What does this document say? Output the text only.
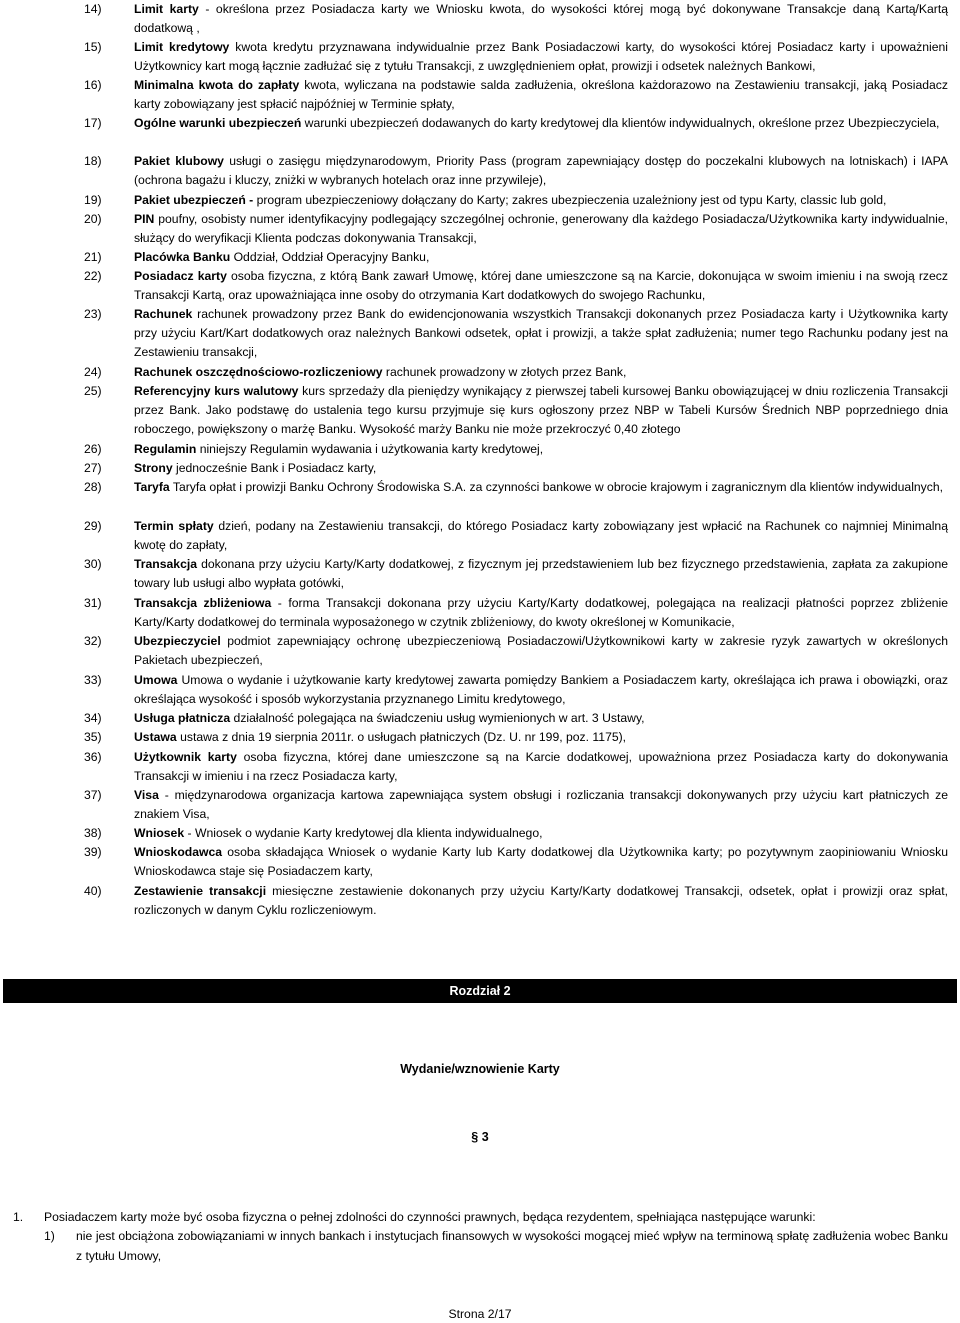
14)	Limit karty - określona przez Posiadacza karty we Wniosku kwota, do wysokości której mogą być dokonywane Transakcje daną Kartą/Kartą dodatkową ,
15)	Limit kredytowy kwota kredytu przyznawana indywidualnie przez Bank Posiadaczowi karty, do wysokości której Posiadacz karty i upoważnieni Użytkownicy kart mogą łącznie zadłużać się z tytułu Transakcji, z uwzględnieniem opłat, prowizji i odsetek należnych Bankowi,
16)	Minimalna kwota do zapłaty kwota, wyliczana na podstawie salda zadłużenia, określona każdorazowo na Zestawieniu transakcji, jaką Posiadacz karty zobowiązany jest spłacić najpóźniej w Terminie spłaty,
17)	Ogólne warunki ubezpieczeń warunki ubezpieczeń dodawanych do karty kredytowej dla klientów indywidualnych, określone przez Ubezpieczyciela,
18)	Pakiet klubowy usługi o zasięgu międzynarodowym, Priority Pass (program zapewniający dostęp do poczekalni klubowych na lotniskach) i IAPA (ochrona bagażu i kluczy, zniżki w wybranych hotelach oraz inne przywileje),
19)	Pakiet ubezpieczeń - program ubezpieczeniowy dołączany do Karty; zakres ubezpieczenia uzależniony jest od typu Karty, classic lub gold,
20)	PIN poufny, osobisty numer identyfikacyjny podlegający szczególnej ochronie, generowany dla każdego Posiadacza/Użytkownika karty indywidualnie, służący do weryfikacji Klienta podczas dokonywania Transakcji,
21)	Placówka Banku Oddział, Oddział Operacyjny Banku,
22)	Posiadacz karty osoba fizyczna, z którą Bank zawarł Umowę, której dane umieszczone są na Karcie, dokonująca w swoim imieniu i na swoją rzecz Transakcji Kartą, oraz upoważniająca inne osoby do otrzymania Kart dodatkowych do swojego Rachunku,
23)	Rachunek rachunek prowadzony przez Bank do ewidencjonowania wszystkich Transakcji dokonanych przez Posiadacza karty i Użytkownika karty przy użyciu Kart/Kart dodatkowych oraz należnych Bankowi odsetek, opłat i prowizji, a także spłat zadłużenia; numer tego Rachunku podany jest na Zestawieniu transakcji,
24)	Rachunek oszczędnościowo-rozliczeniowy rachunek prowadzony w złotych przez Bank,
25)	Referencyjny kurs walutowy kurs sprzedaży dla pieniędzy wynikający z pierwszej tabeli kursowej Banku obowiązującej w dniu rozliczenia Transakcji przez Bank. Jako podstawę do ustalenia tego kursu przyjmuje się kurs ogłoszony przez NBP w Tabeli Kursów Średnich NBP poprzedniego dnia roboczego, powiększony o marżę Banku. Wysokość marży Banku nie może przekroczyć 0,40 złotego
26)	Regulamin niniejszy Regulamin wydawania i użytkowania karty kredytowej,
27)	Strony jednocześnie Bank i Posiadacz karty,
28)	Taryfa Taryfa opłat i prowizji Banku Ochrony Środowiska S.A. za czynności bankowe w obrocie krajowym i zagranicznym dla klientów indywidualnych,
29)	Termin spłaty dzień, podany na Zestawieniu transakcji, do którego Posiadacz karty zobowiązany jest wpłacić na Rachunek co najmniej Minimalną kwotę do zapłaty,
30)	Transakcja dokonana przy użyciu Karty/Karty dodatkowej, z fizycznym jej przedstawieniem lub bez fizycznego przedstawienia, zapłata za zakupione towary lub usługi albo wypłata gotówki,
31)	Transakcja zbliżeniowa - forma Transakcji dokonana przy użyciu Karty/Karty dodatkowej, polegająca na realizacji płatności poprzez zbliżenie Karty/Karty dodatkowej do terminala wyposażonego w czytnik zbliżeniowy, do kwoty określonej w Komunikacie,
32)	Ubezpieczyciel podmiot zapewniający ochronę ubezpieczeniową Posiadaczowi/Użytkownikowi karty w zakresie ryzyk zawartych w określonych Pakietach ubezpieczeń,
33)	Umowa Umowa o wydanie i użytkowanie karty kredytowej zawarta pomiędzy Bankiem a Posiadaczem karty, określająca ich prawa i obowiązki, oraz określająca wysokość i sposób wykorzystania przyznanego Limitu kredytowego,
34)	Usługa płatnicza działalność polegająca na świadczeniu usług wymienionych w art. 3 Ustawy,
35)	Ustawa ustawa z dnia 19 sierpnia 2011r. o usługach płatniczych (Dz. U. nr 199, poz. 1175),
36)	Użytkownik karty osoba fizyczna, której dane umieszczone są na Karcie dodatkowej, upoważniona przez Posiadacza karty do dokonywania Transakcji w imieniu i na rzecz Posiadacza karty,
37)	Visa - międzynarodowa organizacja kartowa zapewniająca system obsługi i rozliczania transakcji dokonywanych przy użyciu kart płatniczych ze znakiem Visa,
38)	Wniosek - Wniosek o wydanie Karty kredytowej dla klienta indywidualnego,
39)	Wnioskodawca osoba składająca Wniosek o wydanie Karty lub Karty dodatkowej dla Użytkownika karty; po pozytywnym zaopiniowaniu Wniosku Wnioskodawca staje się Posiadaczem karty,
40)	Zestawienie transakcji miesięczne zestawienie dokonanych przy użyciu Karty/Karty dodatkowej Transakcji, odsetek, opłat i prowizji oraz spłat, rozliczonych w danym Cyklu rozliczeniowym.
Rozdział 2
Wydanie/wznowienie Karty
§ 3
1. Posiadaczem karty może być osoba fizyczna o pełnej zdolności do czynności prawnych, będąca rezydentem, spełniająca następujące warunki:
1) nie jest obciążona zobowiązaniami w innych bankach i instytucjach finansowych w wysokości mogącej mieć wpływ na terminową spłatę zadłużenia wobec Banku z tytułu Umowy,
Strona 2/17
